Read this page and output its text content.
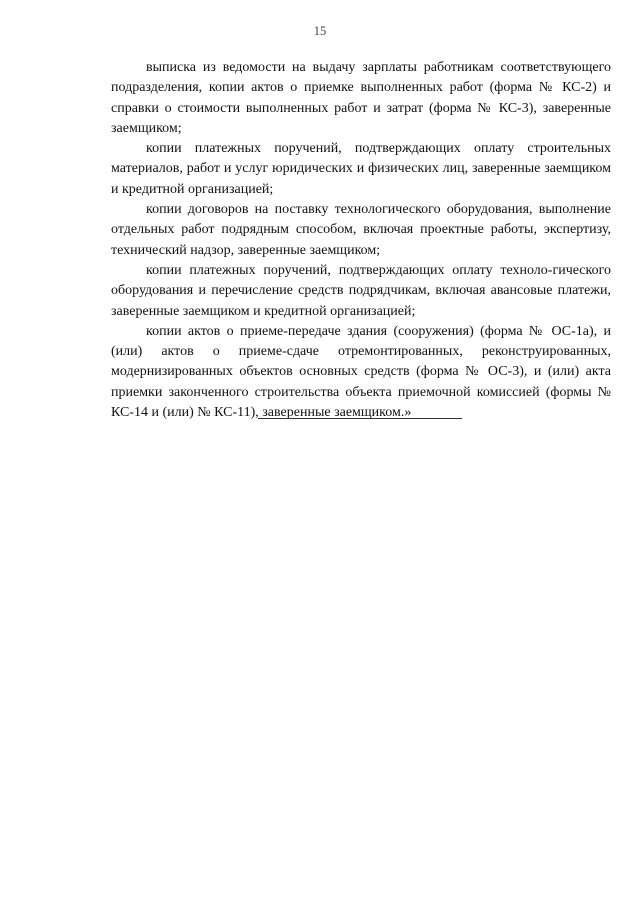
15

выписка из ведомости на выдачу зарплаты работникам соответствующего подразделения, копии актов о приемке выполненных работ (форма № КС-2) и справки о стоимости выполненных работ и затрат (форма № КС-3), заверенные заемщиком;

копии платежных поручений, подтверждающих оплату строительных материалов, работ и услуг юридических и физических лиц, заверенные заемщиком и кредитной организацией;

копии договоров на поставку технологического оборудования, выполнение отдельных работ подрядным способом, включая проектные работы, экспертизу, технический надзор, заверенные заемщиком;

копии платежных поручений, подтверждающих оплату техноло-гического оборудования и перечисление средств подрядчикам, включая авансовые платежи, заверенные заемщиком и кредитной организацией;

копии актов о приеме-передаче здания (сооружения) (форма № ОС-1а), и (или) актов о приеме-сдаче отремонтированных, реконструированных, модернизированных объектов основных средств (форма № ОС-3), и (или) акта приемки законченного строительства объекта приемочной комиссией (формы № КС-14 и (или) № КС-11), заверенные заемщиком.»
